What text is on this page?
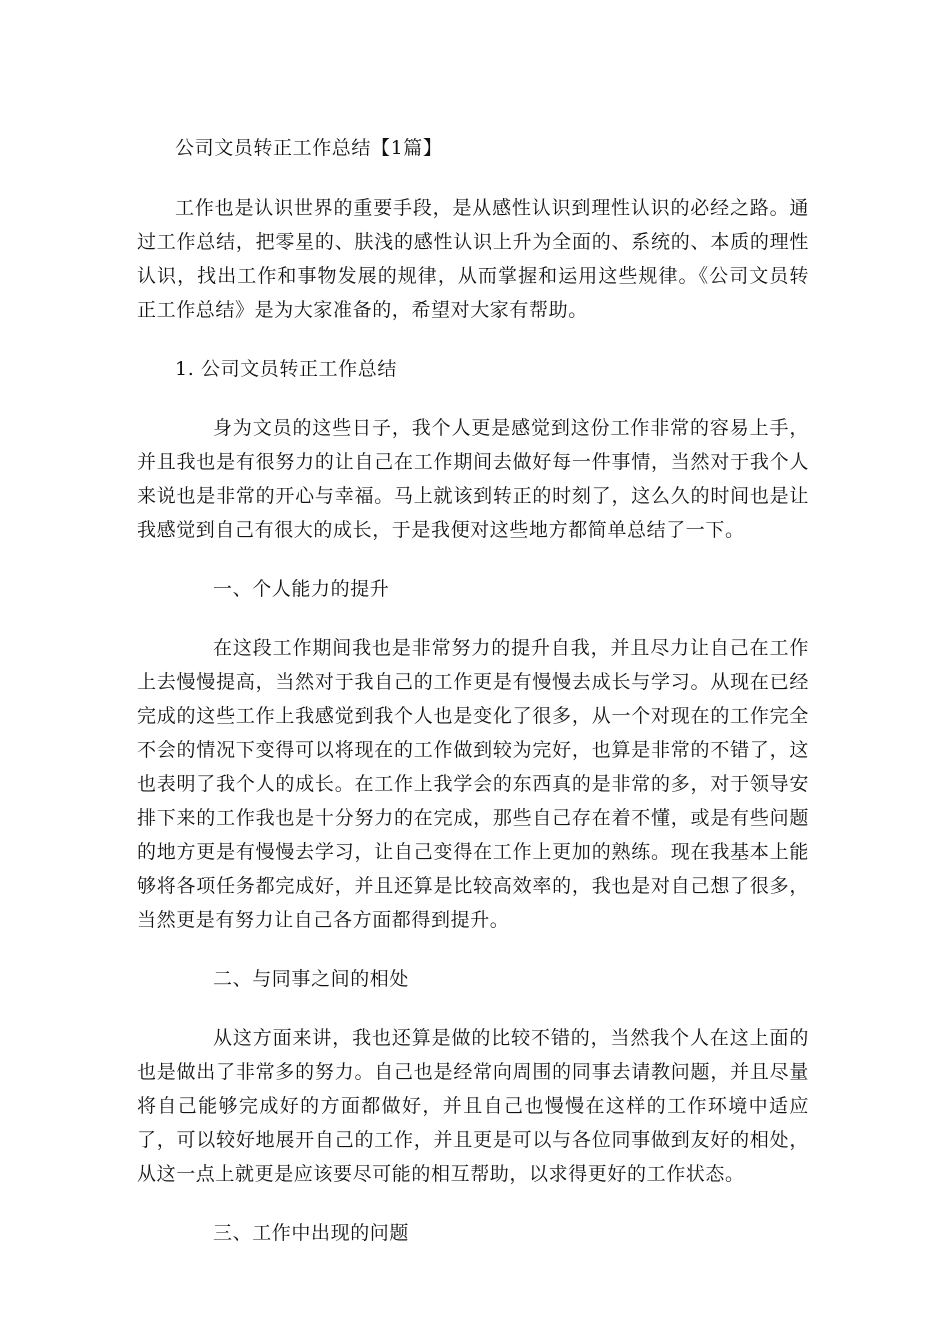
公司文员转正工作总结【1篇】

工作也是认识世界的重要手段，是从感性认识到理性认识的必经之路。通过工作总结，把零星的、肤浅的感性认识上升为全面的、系统的、本质的理性认识，找出工作和事物发展的规律，从而掌握和运用这些规律。《公司文员转正工作总结》是为大家准备的，希望对大家有帮助。

1. 公司文员转正工作总结

身为文员的这些日子，我个人更是感觉到这份工作非常的容易上手，并且我也是有很努力的让自己在工作期间去做好每一件事情，当然对于我个人来说也是非常的开心与幸福。马上就该到转正的时刻了，这么久的时间也是让我感觉到自己有很大的成长，于是我便对这些地方都简单总结了一下。

一、个人能力的提升

在这段工作期间我也是非常努力的提升自我，并且尽力让自己在工作上去慢慢提高，当然对于我自己的工作更是有慢慢去成长与学习。从现在已经完成的这些工作上我感觉到我个人也是变化了很多，从一个对现在的工作完全不会的情况下变得可以将现在的工作做到较为完好，也算是非常的不错了，这也表明了我个人的成长。在工作上我学会的东西真的是非常的多，对于领导安排下来的工作我也是十分努力的在完成，那些自己存在着不懂，或是有些问题的地方更是有慢慢去学习，让自己变得在工作上更加的熟练。现在我基本上能够将各项任务都完成好，并且还算是比较高效率的，我也是对自己想了很多，当然更是有努力让自己各方面都得到提升。

二、与同事之间的相处

从这方面来讲，我也还算是做的比较不错的，当然我个人在这上面的也是做出了非常多的努力。自己也是经常向周围的同事去请教问题，并且尽量将自己能够完成好的方面都做好，并且自己也慢慢在这样的工作环境中适应了，可以较好地展开自己的工作，并且更是可以与各位同事做到友好的相处，从这一点上就更是应该要尽可能的相互帮助，以求得更好的工作状态。

三、工作中出现的问题
